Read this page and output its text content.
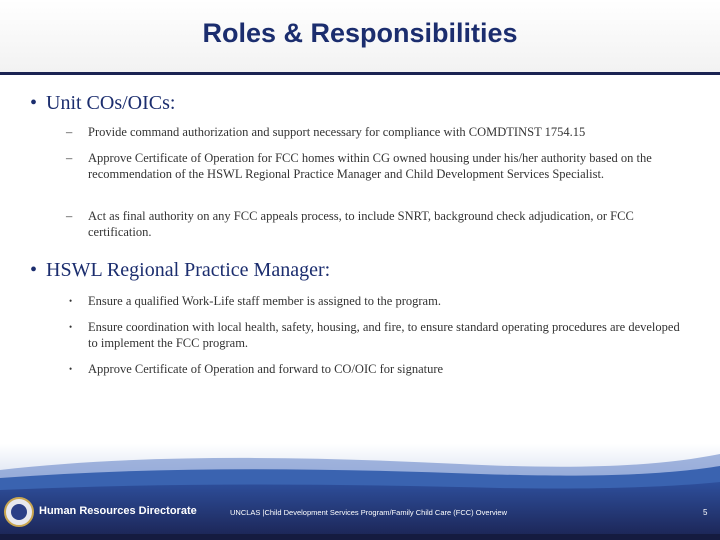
Roles & Responsibilities
• Unit COs/OICs:
–	Provide command authorization and support necessary for compliance with COMDTINST 1754.15
–	Approve Certificate of Operation for FCC homes within CG owned housing under his/her authority based on the recommendation of the HSWL Regional Practice Manager and Child Development Services Specialist.
–	Act as final authority on any FCC appeals process, to include SNRT, background check adjudication, or FCC certification.
• HSWL Regional Practice Manager:
•	Ensure a qualified Work-Life staff member is assigned to the program.
•	Ensure coordination with local health, safety, housing, and fire, to ensure standard operating procedures are developed to implement the FCC program.
•	Approve Certificate of Operation and forward to CO/OIC for signature
Human Resources Directorate	UNCLAS |Child Development Services Program/Family Child Care (FCC) Overview	5
